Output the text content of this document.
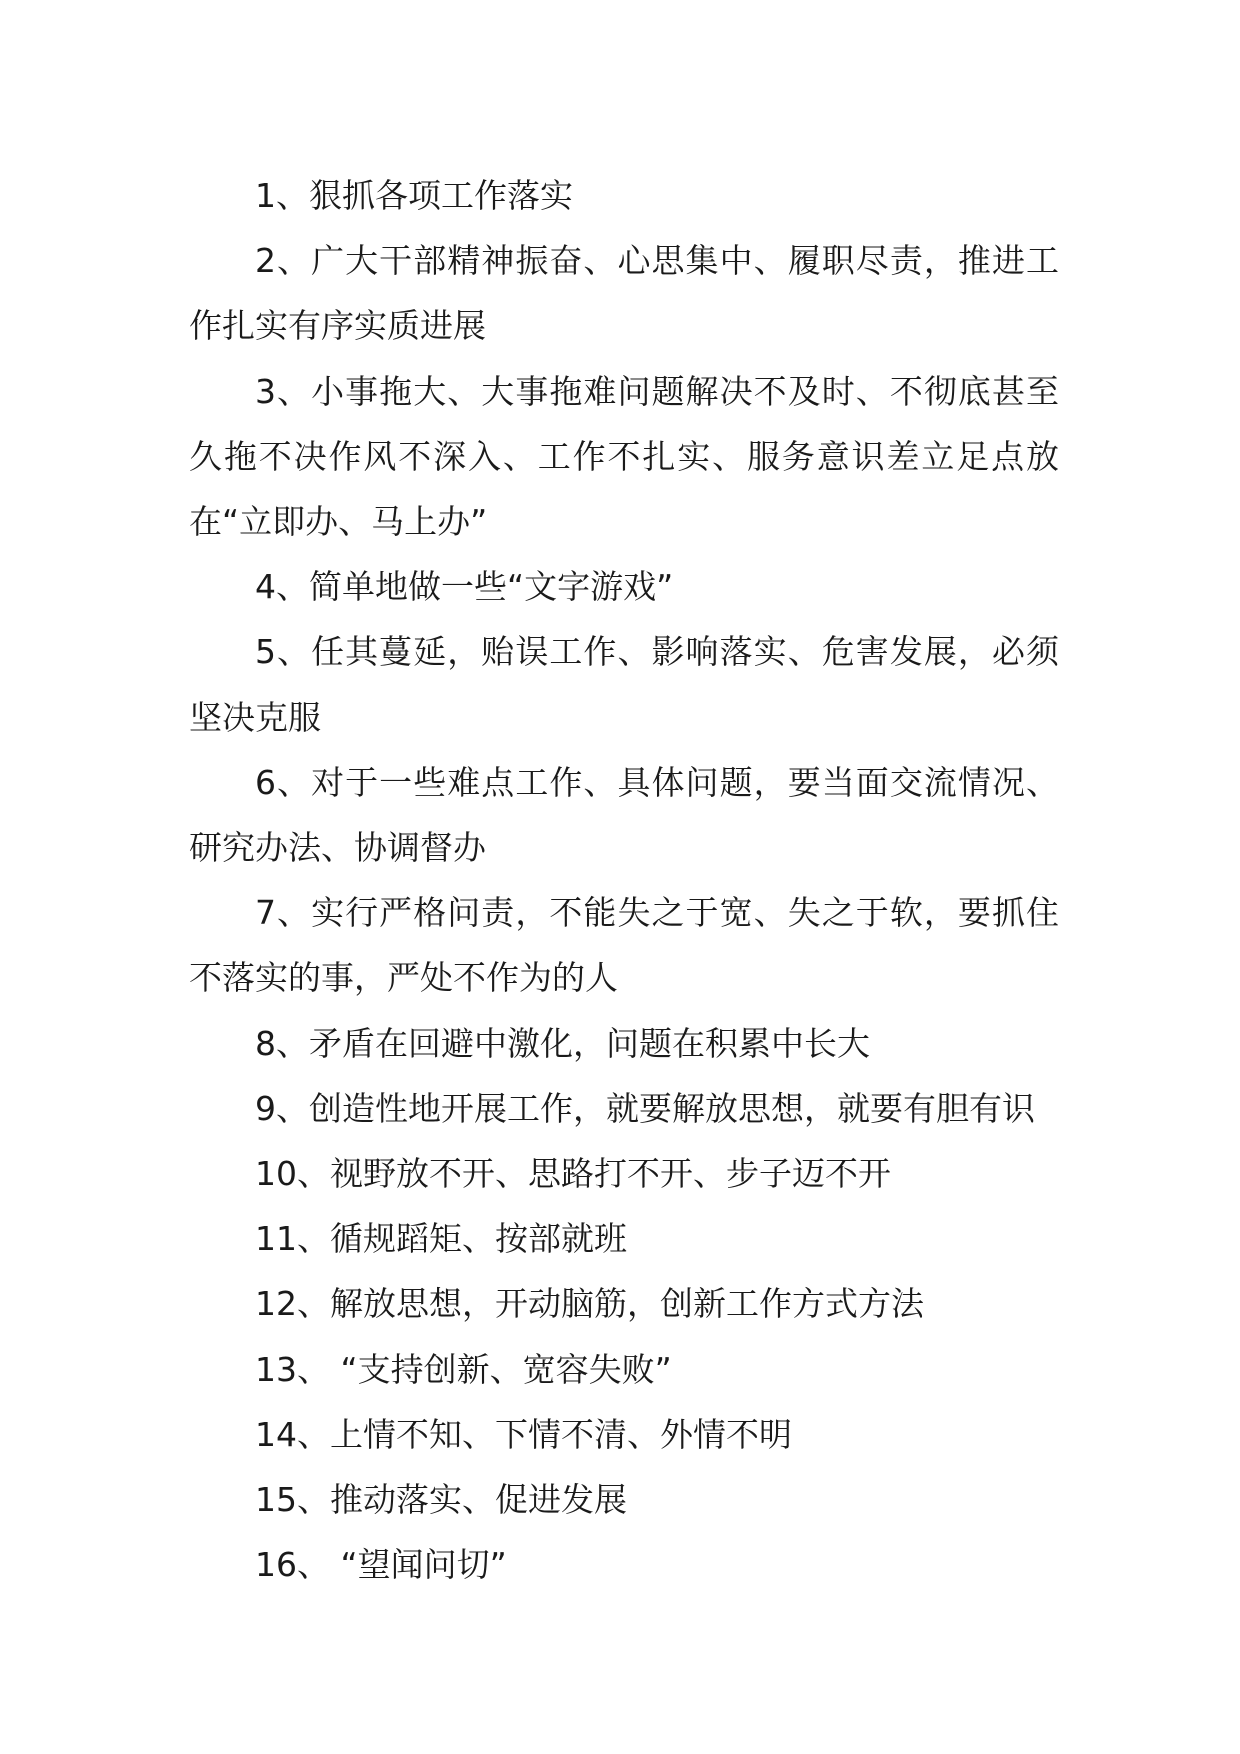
1、狠抓各项工作落实

2、广大干部精神振奋、心思集中、履职尽责，推进工作扎实有序实质进展

3、小事拖大、大事拖难问题解决不及时、不彻底甚至久拖不决作风不深入、工作不扎实、服务意识差立足点放在“立即办、马上办”

4、简单地做一些“文字游戏”

5、任其蔓延，贻误工作、影响落实、危害发展，必须坚决克服

6、对于一些难点工作、具体问题，要当面交流情况、研究办法、协调督办

7、实行严格问责，不能失之于宽、失之于软，要抓住不落实的事，严处不作为的人

8、矛盾在回避中激化，问题在积累中长大

9、创造性地开展工作，就要解放思想，就要有胆有识

10、视野放不开、思路打不开、步子迈不开

11、循规蹈矩、按部就班

12、解放思想，开动脑筋，创新工作方式方法

13、 “支持创新、宽容失败”

14、上情不知、下情不清、外情不明

15、推动落实、促进发展

16、 “望闻问切”
